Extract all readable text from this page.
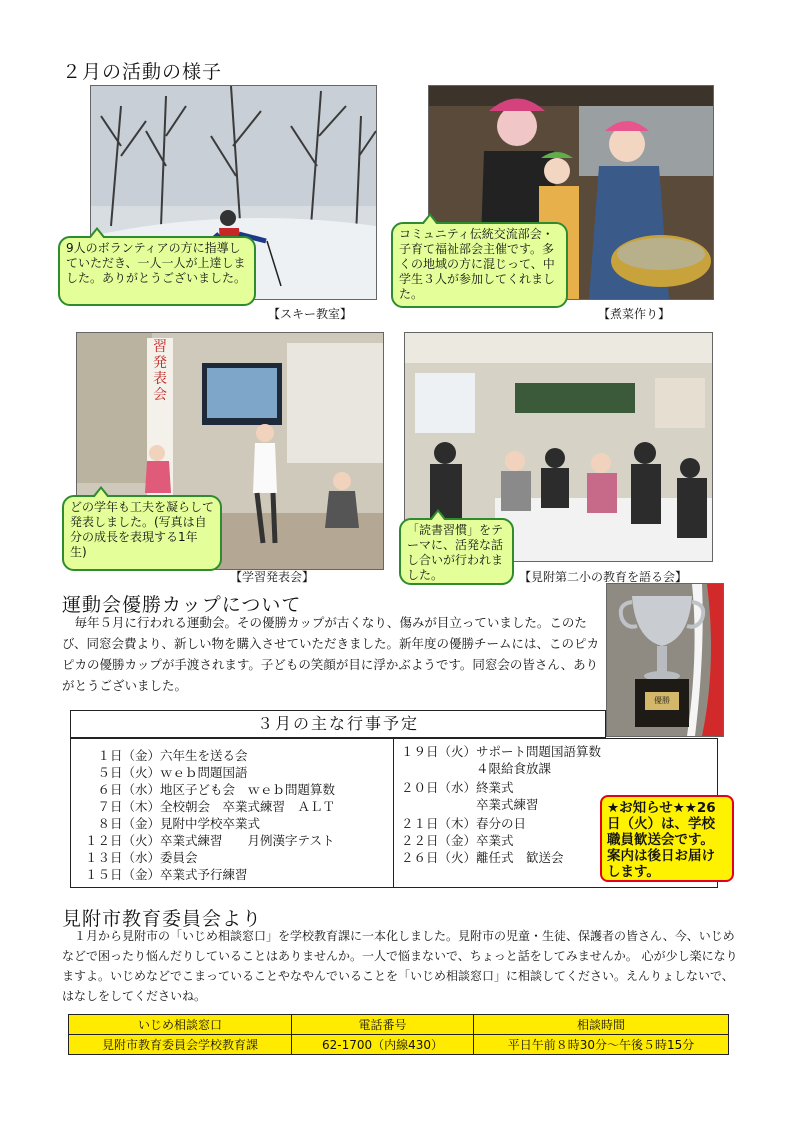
２月の活動の様子
9人のボランティアの方に指導していただき、一人一人が上達しました。ありがとうございました。
【スキー教室】
コミュニティ伝統交流部会・子育て福祉部会主催です。多くの地域の方に混じって、中学生３人が参加してくれました。
【煮菜作り】
習発表会
どの学年も工夫を凝らして発表しました。(写真は自分の成長を表現する1年生)
【学習発表会】
「読書習慣」をテーマに、活発な話し合いが行われました。	【見附第二小の教育を語る会】
運動会優勝カップについて

毎年５月に行われる運動会。その優勝カップが古くなり、傷みが目立っていました。このたび、同窓会費より、新しい物を購入させていただきました。新年度の優勝チームには、このピカピカの優勝カップが手渡されます。子どもの笑顔が目に浮かぶようです。同窓会の皆さん、ありがとうございました。

優勝
３月の主な行事予定
　１日（金）六年生を送る会
　５日（火）ｗｅｂ問題国語
　６日（水）地区子ども会　ｗｅｂ問題算数
　７日（木）全校朝会　卒業式練習　ＡＬＴ
　８日（金）見附中学校卒業式
１２日（火）卒業式練習　　月例漢字テスト
１３日（水）委員会
１５日（金）卒業式予行練習
１９日（火）サポート問題国語算数
　　　　　　４限給食放課
２０日（水）終業式
　　　　　　卒業式練習
２１日（木）春分の日
２２日（金）卒業式
２６日（火）離任式　歓送会
★お知らせ★★26日（火）は、学校職員歓送会です。案内は後日お届けします。
見附市教育委員会より

１月から見附市の「いじめ相談窓口」を学校教育課に一本化しました。見附市の児童・生徒、保護者の皆さん、今、いじめなどで困ったり悩んだりしていることはありませんか。一人で悩まないで、ちょっと話をしてみませんか。 心が少し楽になりますよ。いじめなどでこまっていることやなやんでいることを「いじめ相談窓口」に相談してください。えんりょしないで、はなしをしてくださいね。

いじめ相談窓口	電話番号	相談時間
見附市教育委員会学校教育課	62-1700（内線430）	平日午前８時30分～午後５時15分
